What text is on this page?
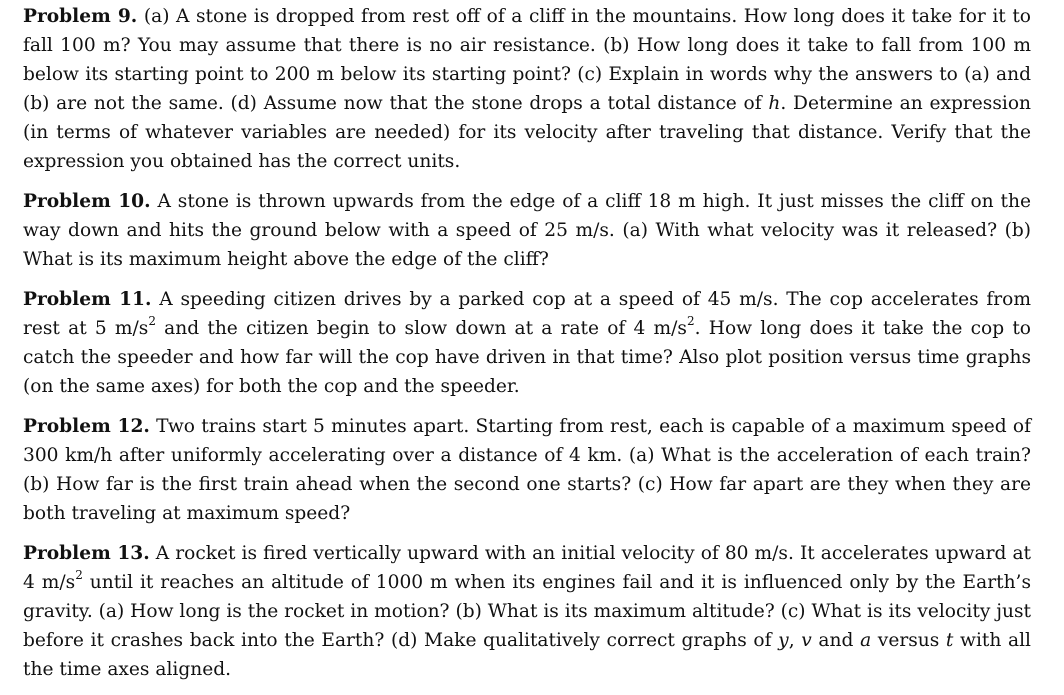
Problem 9. (a) A stone is dropped from rest off of a cliff in the mountains. How long does it take for it to fall 100 m? You may assume that there is no air resistance. (b) How long does it take to fall from 100 m below its starting point to 200 m below its starting point? (c) Explain in words why the answers to (a) and (b) are not the same. (d) Assume now that the stone drops a total distance of h. Determine an expression (in terms of whatever variables are needed) for its velocity after traveling that distance. Verify that the expression you obtained has the correct units.

Problem 10. A stone is thrown upwards from the edge of a cliff 18 m high. It just misses the cliff on the way down and hits the ground below with a speed of 25 m/s. (a) With what velocity was it released? (b) What is its maximum height above the edge of the cliff?

Problem 11. A speeding citizen drives by a parked cop at a speed of 45 m/s. The cop accelerates from rest at 5 $m/s^2$ and the citizen begin to slow down at a rate of 4 $m/s^2$. How long does it take the cop to catch the speeder and how far will the cop have driven in that time? Also plot position versus time graphs (on the same axes) for both the cop and the speeder.

Problem 12. Two trains start 5 minutes apart. Starting from rest, each is capable of a maximum speed of 300 km/h after uniformly accelerating over a distance of 4 km. (a) What is the acceleration of each train? (b) How far is the first train ahead when the second one starts? (c) How far apart are they when they are both traveling at maximum speed?

Problem 13. A rocket is fired vertically upward with an initial velocity of 80 m/s. It accelerates upward at 4 $m/s^2$ until it reaches an altitude of 1000 m when its engines fail and it is influenced only by the Earth’s gravity. (a) How long is the rocket in motion? (b) What is its maximum altitude? (c) What is its velocity just before it crashes back into the Earth? (d) Make qualitatively correct graphs of y, v and a versus t with all the time axes aligned.
